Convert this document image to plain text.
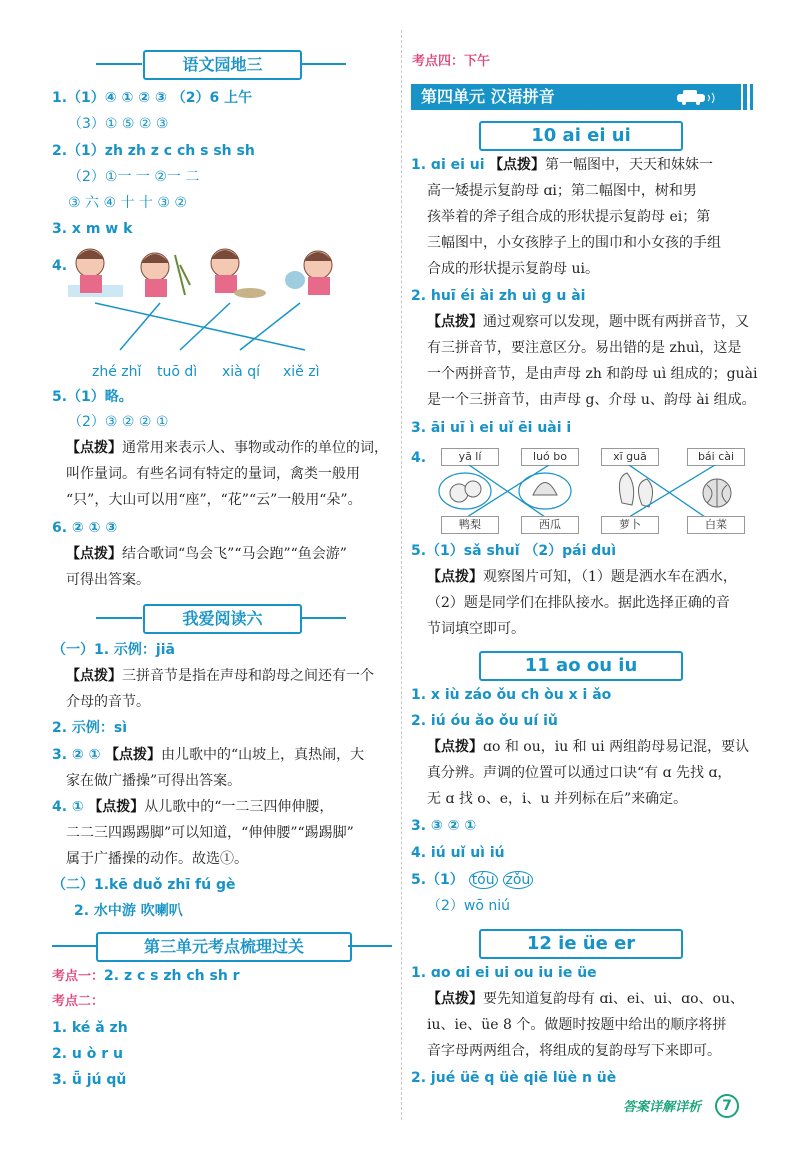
语文园地三
1.（1）④ ① ② ③ （2）6 上午
（3）① ⑤ ② ③
2.（1）zh zh z c ch s sh sh
（2）①一 一 ②一 二
③ 六 ④ 十 十 ③ ②
3. x m w k
4.
zhé zhǐ tuō dì xià qí xiě zì
5.（1）略。
（2）③ ② ② ①
【点拨】通常用来表示人、事物或动作的单位的词，
叫作量词。有些名词有特定的量词，禽类一般用
“只”，大山可以用“座”，“花”“云”一般用“朵”。
6. ② ① ③
【点拨】结合歌词“鸟会飞”“马会跑”“鱼会游”
可得出答案。
我爱阅读六
（一）1. 示例：jiā
【点拨】三拼音节是指在声母和韵母之间还有一个
介母的音节。
2. 示例：sì
3. ② ① 【点拨】由儿歌中的“山坡上，真热闹，大
家在做广播操”可得出答案。
4. ① 【点拨】从儿歌中的“一二三四伸伸腰，
二二三四踢踢脚”可以知道，“伸伸腰”“踢踢脚”
属于广播操的动作。故选①。
（二）1.kē duǒ zhī fú gè
2. 水中游 吹喇叭
第三单元考点梳理过关
考点一：2. z c s zh ch sh r
考点二：
1. ké ǎ zh
2. u ò r u
3. ǖ jú qǔ
考点四：下午
第四单元 汉语拼音
10 ai ei ui
1. ɑi ei ui 【点拨】第一幅图中，天天和妹妹一
高一矮提示复韵母 ɑi；第二幅图中，树和男
孩举着的斧子组合成的形状提示复韵母 ei；第
三幅图中，小女孩脖子上的围巾和小女孩的手组
合成的形状提示复韵母 ui。
2. huī éi ài zh uì g u ài
【点拨】通过观察可以发现，题中既有两拼音节，又
有三拼音节，要注意区分。易出错的是 zhuì，这是
一个两拼音节，是由声母 zh 和韵母 uì 组成的；guài
是一个三拼音节，由声母 g、介母 u、韵母 ài 组成。
3. āi uī ì ei uǐ ēi uài i
4.	yā lí	luó bo	xī guā	bái cài
鸭梨	西瓜	萝卜	白菜
5.（1）sǎ shuǐ （2）pái duì
【点拨】观察图片可知，（1）题是洒水车在洒水，
（2）题是同学们在排队接水。据此选择正确的音
节词填空即可。
11 ao ou iu
1. x iù záo ǒu ch òu x i ǎo
2. iú óu ǎo ǒu uí iǔ
【点拨】ɑo 和 ou，iu 和 ui 两组韵母易记混，要认
真分辨。声调的位置可以通过口诀“有 ɑ 先找 ɑ，
无 ɑ 找 o、e，i、u 并列标在后”来确定。
3. ③ ② ①
4. iú uǐ uì iú
5.（1） tóu zǒu
（2）wō niú
12 ie üe er
1. ɑo ɑi ei ui ou iu ie üe
【点拨】要先知道复韵母有 ɑi、ei、ui、ɑo、ou、
iu、ie、üe 8 个。做题时按题中给出的顺序将拼
音字母两两组合，将组成的复韵母写下来即可。
2. jué üē q üè qiē lüè n üè
答案详解详析	7
